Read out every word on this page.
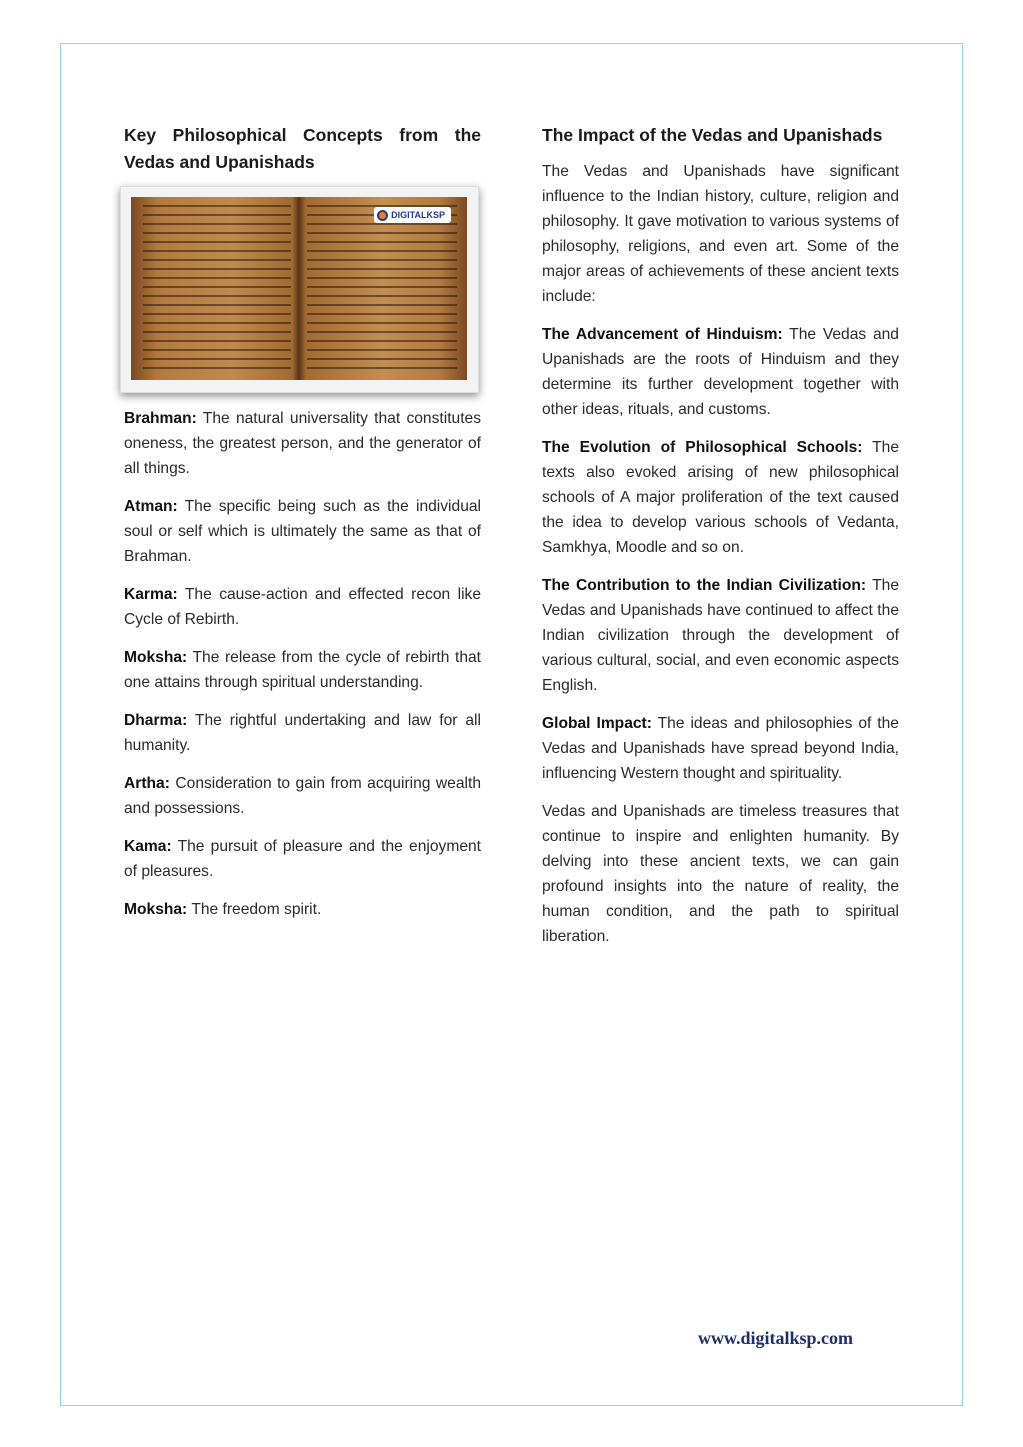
Key Philosophical Concepts from the Vedas and Upanishads
DIGITALKSP

Brahman: The natural universality that constitutes oneness, the greatest person, and the generator of all things.

Atman: The specific being such as the individual soul or self which is ultimately the same as that of Brahman.

Karma: The cause-action and effected recon like Cycle of Rebirth.

Moksha: The release from the cycle of rebirth that one attains through spiritual understanding.

Dharma: The rightful undertaking and law for all humanity.

Artha: Consideration to gain from acquiring wealth and possessions.

Kama: The pursuit of pleasure and the enjoyment of pleasures.

Moksha: The freedom spirit.

The Impact of the Vedas and Upanishads

The Vedas and Upanishads have significant influence to the Indian history, culture, religion and philosophy. It gave motivation to various systems of philosophy, religions, and even art. Some of the major areas of achievements of these ancient texts include:

The Advancement of Hinduism: The Vedas and Upanishads are the roots of Hinduism and they determine its further development together with other ideas, rituals, and customs.

The Evolution of Philosophical Schools: The texts also evoked arising of new philosophical schools of A major proliferation of the text caused the idea to develop various schools of Vedanta, Samkhya, Moodle and so on.

The Contribution to the Indian Civilization: The Vedas and Upanishads have continued to affect the Indian civilization through the development of various cultural, social, and even economic aspects English.

Global Impact: The ideas and philosophies of the Vedas and Upanishads have spread beyond India, influencing Western thought and spirituality.

Vedas and Upanishads are timeless treasures that continue to inspire and enlighten humanity. By delving into these ancient texts, we can gain profound insights into the nature of reality, the human condition, and the path to spiritual liberation.

www.digitalksp.com
